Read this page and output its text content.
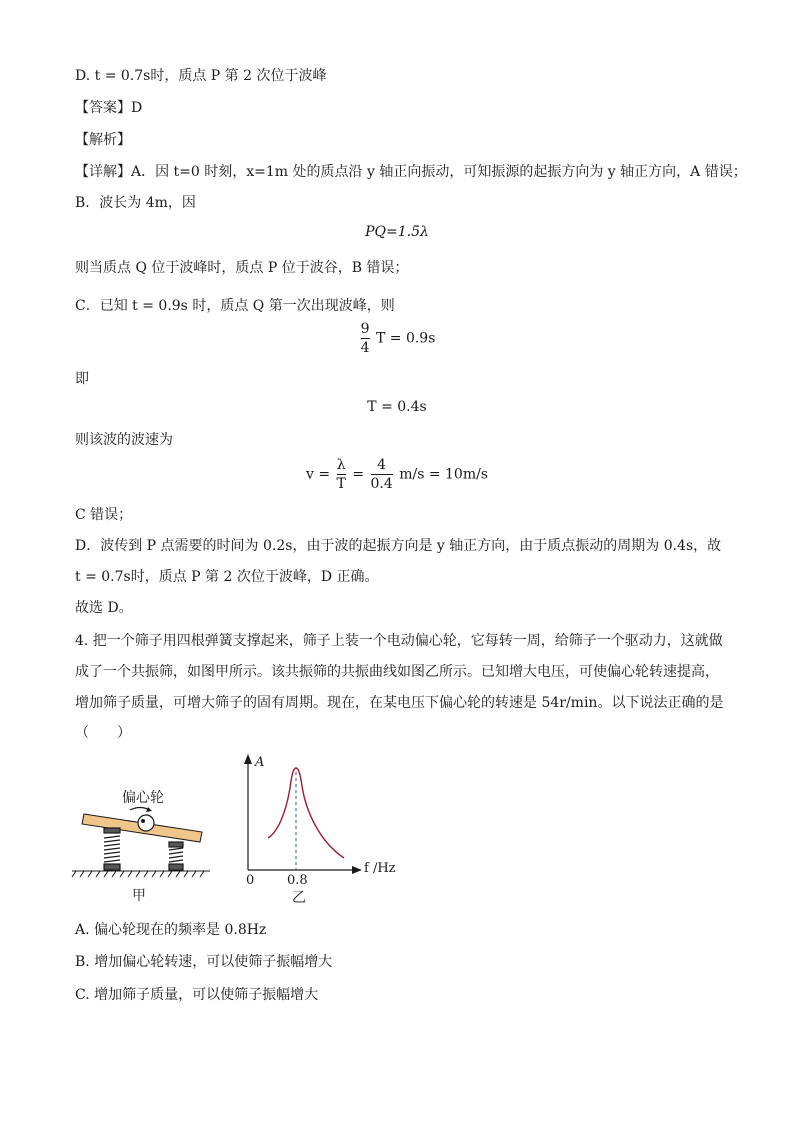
D. t = 0.7s时，质点 P 第 2 次位于波峰
【答案】D
【解析】
【详解】A．因 t=0 时刻，x=1m 处的质点沿 y 轴正向振动，可知振源的起振方向为 y 轴正方向，A 错误；
B．波长为 4m，因
PQ=1.5λ
则当质点 Q 位于波峰时，质点 P 位于波谷，B 错误；
C．已知 t = 0.9s 时，质点 Q 第一次出现波峰，则
$\frac{9}{4}$ T = 0.9s
即
T = 0.4s
则该波的波速为
$v = \frac{\lambda}{T} = \frac{4}{0.4} m/s = 10m/s$
C 错误；
D．波传到 P 点需要的时间为 0.2s，由于波的起振方向是 y 轴正方向，由于质点振动的周期为 0.4s，故
t = 0.7s时，质点 P 第 2 次位于波峰，D 正确。
故选 D。
4. 把一个筛子用四根弹簧支撑起来，筛子上装一个电动偏心轮，它每转一周，给筛子一个驱动力，这就做成了一个共振筛，如图甲所示。该共振筛的共振曲线如图乙所示。已知增大电压，可使偏心轮转速提高，增加筛子质量，可增大筛子的固有周期。现在，在某电压下偏心轮的转速是 54r/min。以下说法正确的是
（　　）
偏心轮
甲
A
f /Hz
0	0.8
乙
A. 偏心轮现在的频率是 0.8Hz
B. 增加偏心轮转速，可以使筛子振幅增大
C. 增加筛子质量，可以使筛子振幅增大
